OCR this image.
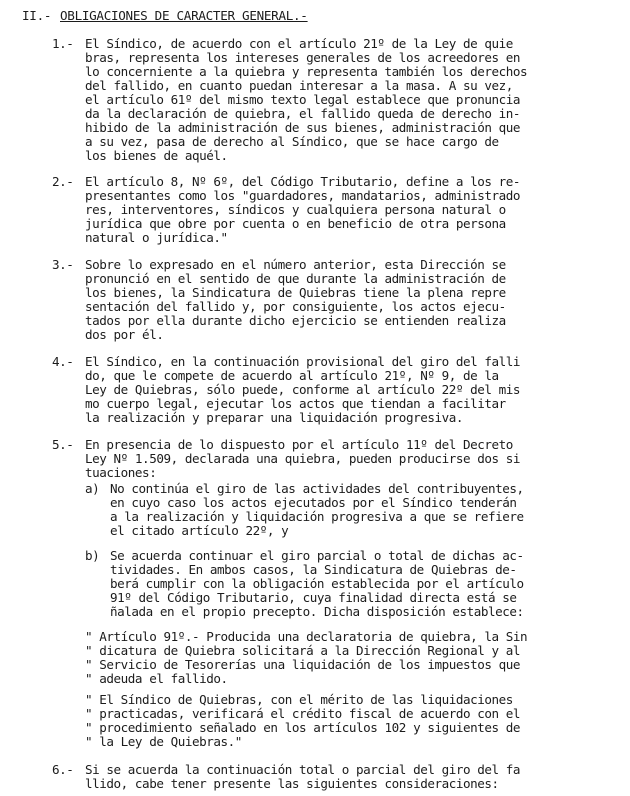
II.- OBLIGACIONES DE CARACTER GENERAL.-
1.- El Síndico, de acuerdo con el artículo 21º de la Ley de quie
bras, representa los intereses generales de los acreedores en
lo concerniente a la quiebra y representa también los derechos
del fallido, en cuanto puedan interesar a la masa. A su vez,
el artículo 61º del mismo texto legal establece que pronuncia
da la declaración de quiebra, el fallido queda de derecho in-
hibido de la administración de sus bienes, administración que
a su vez, pasa de derecho al Síndico, que se hace cargo de
los bienes de aquél.
2.- El artículo 8, Nº 6º, del Código Tributario, define a los re-
presentantes como los "guardadores, mandatarios, administrado
res, interventores, síndicos y cualquiera persona natural o
jurídica que obre por cuenta o en beneficio de otra persona
natural o jurídica."
3.- Sobre lo expresado en el número anterior, esta Dirección se
pronunció en el sentido de que durante la administración de
los bienes, la Sindicatura de Quiebras tiene la plena repre
sentación del fallido y, por consiguiente, los actos ejecu-
tados por ella durante dicho ejercicio se entienden realiza
dos por él.
4.- El Síndico, en la continuación provisional del giro del falli
do, que le compete de acuerdo al artículo 21º, Nº 9, de la
Ley de Quiebras, sólo puede, conforme al artículo 22º del mis
mo cuerpo legal, ejecutar los actos que tiendan a facilitar
la realización y preparar una liquidación progresiva.
5.- En presencia de lo dispuesto por el artículo 11º del Decreto
Ley Nº 1.509, declarada una quiebra, pueden producirse dos si
tuaciones:
a) No continúa el giro de las actividades del contribuyentes,
en cuyo caso los actos ejecutados por el Síndico tenderán
a la realización y liquidación progresiva a que se refiere
el citado artículo 22º, y
b) Se acuerda continuar el giro parcial o total de dichas ac-
tividades. En ambos casos, la Sindicatura de Quiebras de-
berá cumplir con la obligación establecida por el artículo
91º del Código Tributario, cuya finalidad directa está se
ñalada en el propio precepto. Dicha disposición establece:
" Artículo 91º.- Producida una declaratoria de quiebra, la Sin
" dicatura de Quiebra solicitará a la Dirección Regional y al
" Servicio de Tesorerías una liquidación de los impuestos que
" adeuda el fallido.
" El Síndico de Quiebras, con el mérito de las liquidaciones
" practicadas, verificará el crédito fiscal de acuerdo con el
" procedimiento señalado en los artículos 102 y siguientes de
" la Ley de Quiebras."
6.- Si se acuerda la continuación total o parcial del giro del fa
llido, cabe tener presente las siguientes consideraciones:
